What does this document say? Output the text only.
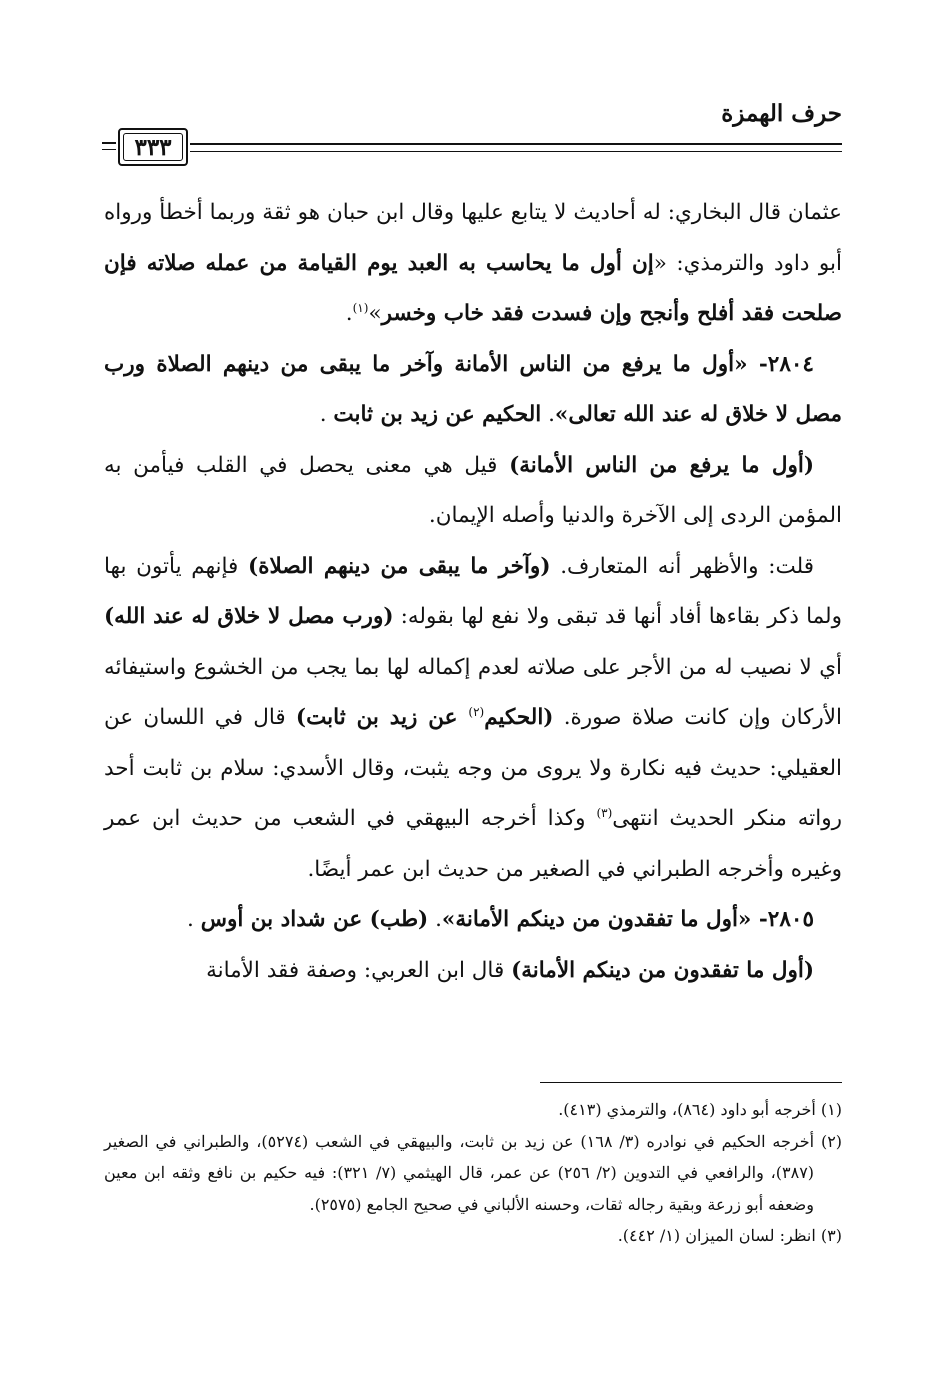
حرف الهمزة
٣٣٣

عثمان قال البخاري: له أحاديث لا يتابع عليها وقال ابن حبان هو ثقة وربما أخطأ ورواه أبو داود والترمذي: «إن أول ما يحاسب به العبد يوم القيامة من عمله صلاته فإن صلحت فقد أفلح وأنجح وإن فسدت فقد خاب وخسر»$^{(١)}$.

٢٨٠٤- «أول ما يرفع من الناس الأمانة وآخر ما يبقى من دينهم الصلاة ورب مصل لا خلاق له عند الله تعالى». الحكيم عن زيد بن ثابت .

(أول ما يرفع من الناس الأمانة) قيل هي معنى يحصل في القلب فيأمن به المؤمن الردى إلى الآخرة والدنيا وأصله الإيمان.

قلت: والأظهر أنه المتعارف. (وآخر ما يبقى من دينهم الصلاة) فإنهم يأتون بها ولما ذكر بقاءها أفاد أنها قد تبقى ولا نفع لها بقوله: (ورب مصل لا خلاق له عند الله) أي لا نصيب له من الأجر على صلاته لعدم إكماله لها بما يجب من الخشوع واستيفائه الأركان وإن كانت صلاة صورة. (الحكيم$^{(٢)}$ عن زيد بن ثابت) قال في اللسان عن العقيلي: حديث فيه نكارة ولا يروى من وجه يثبت، وقال الأسدي: سلام بن ثابت أحد رواته منكر الحديث انتهى$^{(٣)}$ وكذا أخرجه البيهقي في الشعب من حديث ابن عمر وغيره وأخرجه الطبراني في الصغير من حديث ابن عمر أيضًا.

٢٨٠٥- «أول ما تفقدون من دينكم الأمانة». (طب) عن شداد بن أوس .

(أول ما تفقدون من دينكم الأمانة) قال ابن العربي: وصفة فقد الأمانة

(١) أخرجه أبو داود (٨٦٤)، والترمذي (٤١٣).

(٢) أخرجه الحكيم في نوادره (٣/ ١٦٨) عن زيد بن ثابت، والبيهقي في الشعب (٥٢٧٤)، والطبراني في الصغير (٣٨٧)، والرافعي في التدوين (٢/ ٢٥٦) عن عمر، قال الهيثمي (٧/ ٣٢١): فيه حكيم بن نافع وثقه ابن معين وضعفه أبو زرعة وبقية رجاله ثقات، وحسنه الألباني في صحيح الجامع (٢٥٧٥).

(٣) انظر: لسان الميزان (١/ ٤٤٢).
